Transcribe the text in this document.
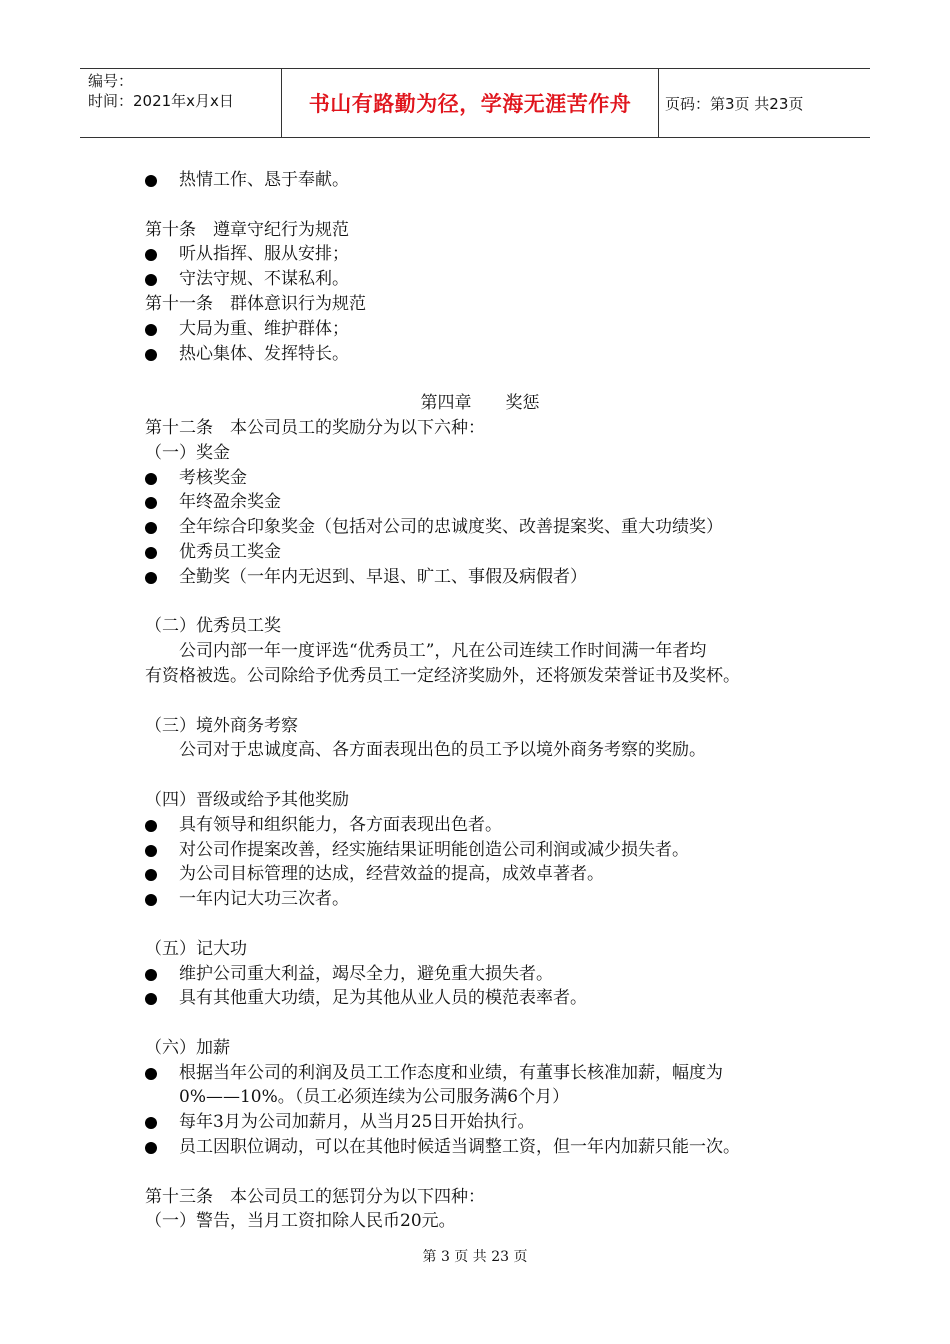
编号：
时间：2021年x月x日	书山有路勤为径，学海无涯苦作舟	页码：第3页 共23页
热情工作、恳于奉献。
第十条　遵章守纪行为规范
听从指挥、服从安排；
守法守规、不谋私利。
第十一条　群体意识行为规范
大局为重、维护群体；
热心集体、发挥特长。
第四章　　奖惩
第十二条　本公司员工的奖励分为以下六种：
（一）奖金
考核奖金
年终盈余奖金
全年综合印象奖金（包括对公司的忠诚度奖、改善提案奖、重大功绩奖）
优秀员工奖金
全勤奖（一年内无迟到、早退、旷工、事假及病假者）
（二）优秀员工奖
公司内部一年一度评选“优秀员工”，凡在公司连续工作时间满一年者均
有资格被选。公司除给予优秀员工一定经济奖励外，还将颁发荣誉证书及奖杯。
（三）境外商务考察
公司对于忠诚度高、各方面表现出色的员工予以境外商务考察的奖励。
（四）晋级或给予其他奖励
具有领导和组织能力，各方面表现出色者。
对公司作提案改善，经实施结果证明能创造公司利润或减少损失者。
为公司目标管理的达成，经营效益的提高，成效卓著者。
一年内记大功三次者。
（五）记大功
维护公司重大利益，竭尽全力，避免重大损失者。
具有其他重大功绩，足为其他从业人员的模范表率者。
（六）加薪
根据当年公司的利润及员工工作态度和业绩，有董事长核准加薪，幅度为
0%——10%。（员工必须连续为公司服务满6个月）
每年3月为公司加薪月，从当月25日开始执行。
员工因职位调动，可以在其他时候适当调整工资，但一年内加薪只能一次。
第十三条　本公司员工的惩罚分为以下四种：
（一）警告，当月工资扣除人民币20元。
第 3 页 共 23 页
